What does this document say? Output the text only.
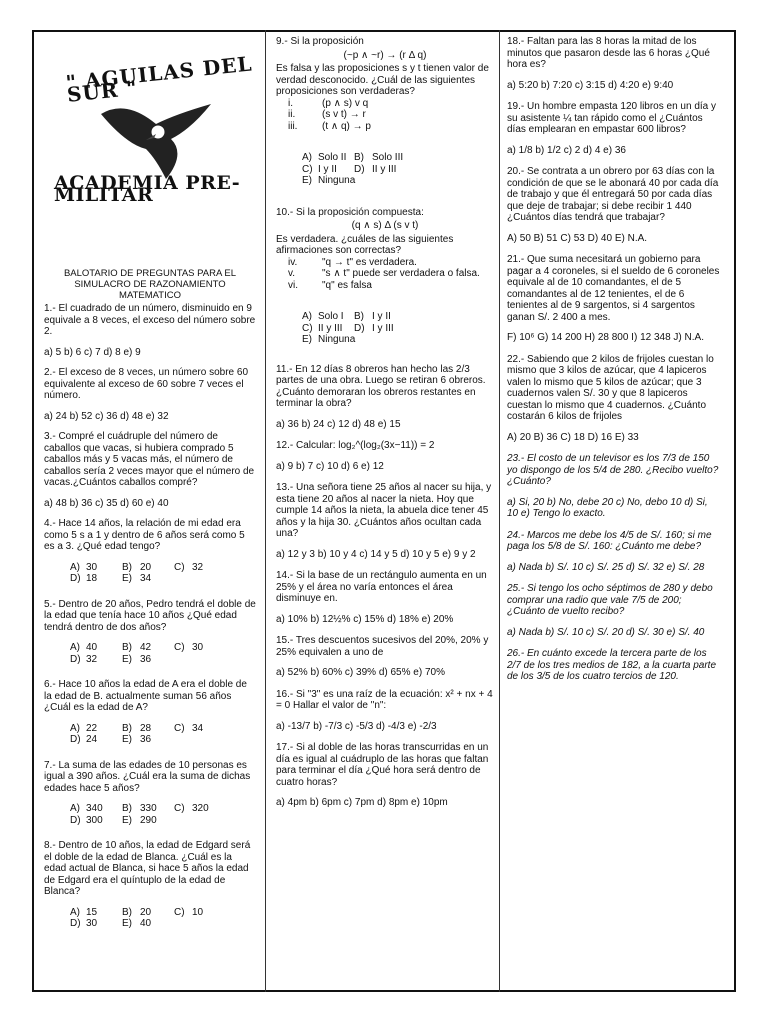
" AGUILAS DEL SUR "
ACADEMIA PRE-MILITAR
BALOTARIO DE PREGUNTAS PARA EL SIMULACRO DE RAZONAMIENTO MATEMATICO
1.- El cuadrado de un número, disminuido en 9 equivale a 8 veces, el exceso del número sobre 2.
a) 5 b) 6 c) 7 d) 8 e) 9
2.- El exceso de 8 veces, un número sobre 60 equivalente al exceso de 60 sobre 7 veces el número.
a) 24 b) 52 c) 36 d) 48 e) 32
3.- Compré el cuádruple del número de caballos que vacas, si hubiera comprado 5 caballos más y 5 vacas más, el número de caballos sería 2 veces mayor que el número de vacas.¿Cuántos caballos compré?
a) 48 b) 36 c) 35 d) 60 e) 40
4.- Hace 14 años, la relación de mi edad era como 5 s a 1 y dentro de 6 años será como 5 es a 3. ¿Qué edad tengo?
A) 30	B) 20	C) 32
D) 18	E) 34
5.- Dentro de 20 años, Pedro tendrá el doble de la edad que tenía hace 10 años ¿Qué edad tendrá dentro de dos años?
A) 40	B) 42	C) 30
D) 32	E) 36
6.- Hace 10 años la edad de A era el doble de la edad de B. actualmente suman 56 años ¿Cuál es la edad de A?
A) 22	B) 28	C) 34
D) 24	E) 36
7.- La suma de las edades de 10 personas es igual a 390 años. ¿Cuál era la suma de dichas edades hace 5 años?
A) 340	B) 330	C) 320
D) 300	E) 290
8.- Dentro de 10 años, la edad de Edgard será el doble de la edad de Blanca. ¿Cuál es la edad actual de Blanca, si hace 5 años la edad de Edgard era el quíntuplo de la edad de Blanca?
A) 15	B) 20	C) 10
D) 30	E) 40
9.- Si la proposición
(~p ∧ ~r) → (r Δ q)
Es falsa y las proposiciones s y t tienen valor de verdad desconocido. ¿Cuál de las siguientes proposiciones son verdaderas?
i.	(p ∧ s) v q
ii.	(s v t) → r
iii.	(t ∧ q) → p
A) Solo II B) Solo III
C) I y II	D) II y III
E) Ninguna
10.- Si la proposición compuesta:
(q ∧ s) Δ (s v t)
Es verdadera. ¿cuáles de las siguientes afirmaciones son correctas?
iv.	"q → t" es verdadera.
v.	"s ∧ t" puede ser verdadera o falsa.
vi.	"q" es falsa
A) Solo I	B) I y II
C) II y III	D) I y III
E) Ninguna
11.- En 12 días 8 obreros han hecho las 2/3 partes de una obra. Luego se retiran 6 obreros. ¿Cuánto demoraran los obreros restantes en terminar la obra?
a) 36 b) 24 c) 12 d) 48 e) 15
12.- Calcular: log₂^(log₂(3x−11)) = 2
a) 9 b) 7 c) 10 d) 6 e) 12
13.- Una señora tiene 25 años al nacer su hija, y esta tiene 20 años al nacer la nieta. Hoy que cumple 14 años la nieta, la abuela dice tener 45 años y la hija 30. ¿Cuántos años ocultan cada una?
a) 12 y 3 b) 10 y 4 c) 14 y 5 d) 10 y 5 e) 9 y 2
14.- Si la base de un rectángulo aumenta en un 25% y el área no varía entonces el área disminuye en.
a) 10% b) 12½% c) 15% d) 18% e) 20%
15.- Tres descuentos sucesivos del 20%, 20% y 25% equivalen a uno de
a) 52% b) 60% c) 39% d) 65% e) 70%
16.- Si "3" es una raíz de la ecuación: x² + nx + 4 = 0 Hallar el valor de "n":
a) -13/7 b) -7/3 c) -5/3 d) -4/3 e) -2/3
17.- Si al doble de las horas transcurridas en un día es igual al cuádruplo de las horas que faltan para terminar el día ¿Qué hora será dentro de cuatro horas?
a) 4pm b) 6pm c) 7pm d) 8pm e) 10pm
18.- Faltan para las 8 horas la mitad de los minutos que pasaron desde las 6 horas ¿Qué hora es?
a) 5:20 b) 7:20 c) 3:15 d) 4:20 e) 9:40
19.- Un hombre empasta 120 libros en un día y su asistente ¼ tan rápido como el ¿Cuántos días emplearan en empastar 600 libros?
a) 1/8 b) 1/2 c) 2 d) 4 e) 36
20.- Se contrata a un obrero por 63 días con la condición de que se le abonará 40 por cada día de trabajo y que él entregará 50 por cada días que deje de trabajar; si debe recibir 1 440 ¿Cuántos días tendrá que trabajar?
A) 50 B) 51 C) 53 D) 40 E) N.A.
21.- Que suma necesitará un gobierno para pagar a 4 coroneles, si el sueldo de 6 coroneles equivale al de 10 comandantes, el de 5 comandantes al de 12 tenientes, el de 6 tenientes al de 9 sargentos, si 4 sargentos ganan S/. 2 400 a mes.
F) 10⁶ G) 14 200 H) 28 800 I) 12 348 J) N.A.
22.- Sabiendo que 2 kilos de frijoles cuestan lo mismo que 3 kilos de azúcar, que 4 lapiceros valen lo mismo que 5 kilos de azúcar; que 3 cuadernos valen S/. 30 y que 8 lapiceros cuestan lo mismo que 4 cuadernos. ¿Cuánto costarán 6 kilos de frijoles
A) 20 B) 36 C) 18 D) 16 E) 33
23.- El costo de un televisor es los 7/3 de 150 yo dispongo de los 5/4 de 280. ¿Recibo vuelto? ¿Cuánto?
a) Si, 20 b) No, debe 20 c) No, debo 10 d) Si, 10 e) Tengo lo exacto.
24.- Marcos me debe los 4/5 de S/. 160; si me paga los 5/8 de S/. 160: ¿Cuánto me debe?
a) Nada b) S/. 10 c) S/. 25 d) S/. 32 e) S/. 28
25.- Si tengo los ocho séptimos de 280 y debo comprar una radio que vale 7/5 de 200; ¿Cuánto de vuelto recibo?
a) Nada b) S/. 10 c) S/. 20 d) S/. 30 e) S/. 40
26.- En cuánto excede la tercera parte de los 2/7 de los tres medios de 182, a la cuarta parte de los 3/5 de los cuatro tercios de 120.
